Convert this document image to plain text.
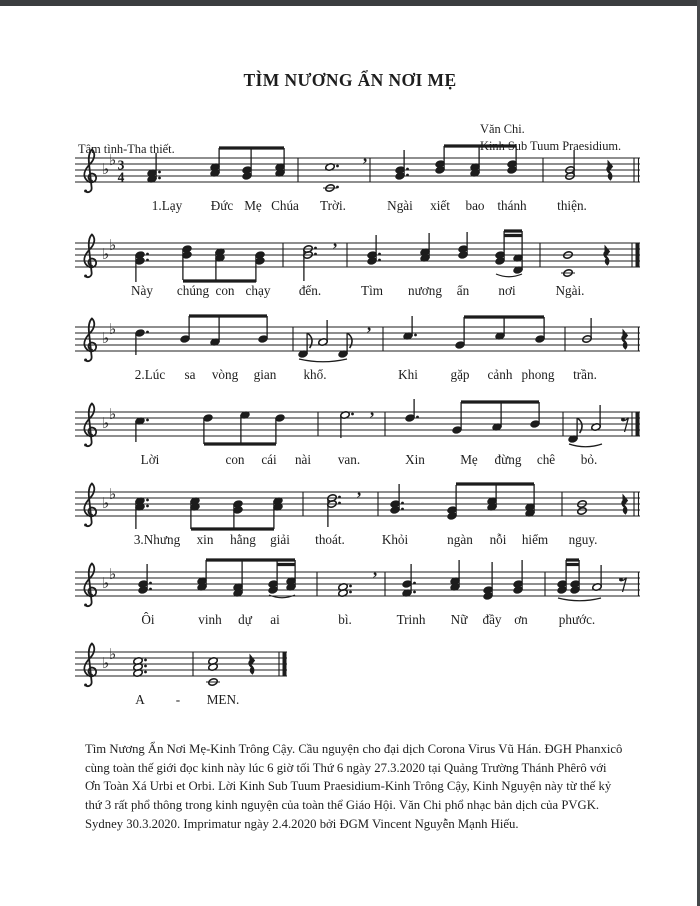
TÌM NƯƠNG ẨN NƠI MẸ
Văn Chi.
Kinh Sub Tuum Praesidium.
Tâm tình-Tha thiết.
♭ ♭ 3
4
,
1.Lạy Đức Mẹ Chúa Trời.	Ngài xiết bao thánh thiện.
♭ ♭	,
Này chúng con chạy đến.	Tìm nương ẩn nơi	Ngài.
♭ ♭	,
2.Lúc sa vòng gian khổ.	Khi gặp cảnh phong trần.
♭ ♭	,
Lời	con cái nài van.	Xin	Mẹ đừng chê bỏ.
♭ ♭	,
3.Nhưng xin hằng giải thoát.	Khỏi	ngàn nỗi hiểm nguy.
♭ ♭	,
Ôi	vinh dự ai	bì.	Trinh Nữ đầy ơn phước.
♭ ♭
A - MEN.

Tìm Nương Ẩn Nơi Mẹ-Kinh Trông Cậy. Cầu nguyện cho đại dịch Corona Virus Vũ Hán. ĐGH Phanxicô cùng toàn thế giới đọc kinh này lúc 6 giờ tối Thứ 6 ngày 27.3.2020 tại Quảng Trường Thánh Phêrô với Ơn Toàn Xá Urbi et Orbi. Lời Kinh Sub Tuum Praesidium-Kinh Trông Cậy, Kinh Nguyện này từ thế kỷ thứ 3 rất phổ thông trong kinh nguyện của toàn thể Giáo Hội. Văn Chi phổ nhạc bản dịch của PVGK. Sydney 30.3.2020. Imprimatur ngày 2.4.2020 bởi ĐGM Vincent Nguyễn Mạnh Hiếu.
